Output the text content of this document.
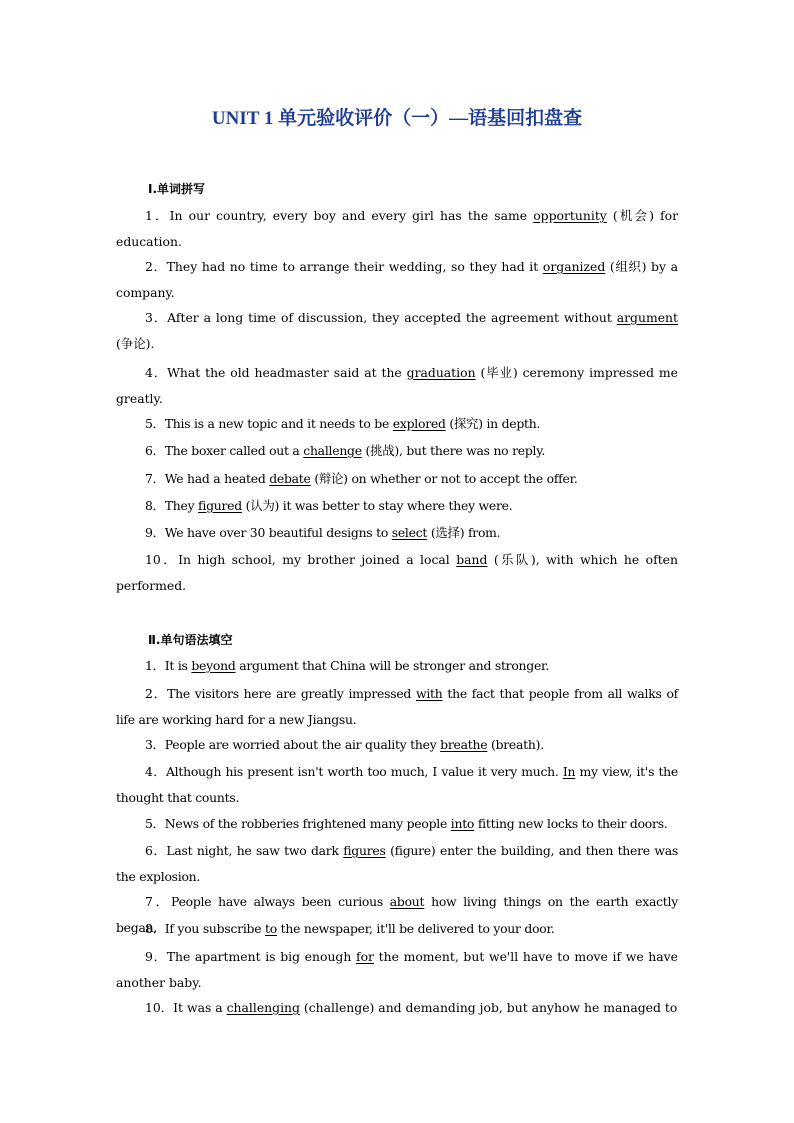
UNIT 1 单元验收评价（一）—语基回扣盘查
Ⅰ.单词拼写
1．In our country, every boy and every girl has the same opportunity (机会) for education.
2．They had no time to arrange their wedding, so they had it organized (组织) by a company.
3．After a long time of discussion, they accepted the agreement without argument (争论).
4．What the old headmaster said at the graduation (毕业) ceremony impressed me greatly.
5．This is a new topic and it needs to be explored (探究) in depth.
6．The boxer called out a challenge (挑战), but there was no reply.
7．We had a heated debate (辩论) on whether or not to accept the offer.
8．They figured (认为) it was better to stay where they were.
9．We have over 30 beautiful designs to select (选择) from.
10．In high school, my brother joined a local band (乐队), with which he often performed.
Ⅱ.单句语法填空
1．It is beyond argument that China will be stronger and stronger.
2．The visitors here are greatly impressed with the fact that people from all walks of life are working hard for a new Jiangsu.
3．People are worried about the air quality they breathe (breath).
4．Although his present isn't worth too much, I value it very much. In my view, it's the thought that counts.
5．News of the robberies frightened many people into fitting new locks to their doors.
6．Last night, he saw two dark figures (figure) enter the building, and then there was the explosion.
7．People have always been curious about how living things on the earth exactly began.
8．If you subscribe to the newspaper, it'll be delivered to your door.
9．The apartment is big enough for the moment, but we'll have to move if we have another baby.
10．It was a challenging (challenge) and demanding job, but anyhow he managed to
